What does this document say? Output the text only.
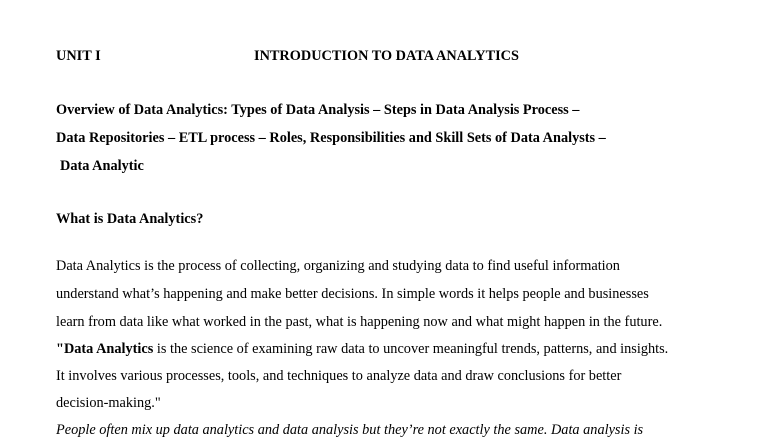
UNIT I	INTRODUCTION TO DATA ANALYTICS
Overview of Data Analytics: Types of Data Analysis – Steps in Data Analysis Process –
Data Repositories – ETL process – Roles, Responsibilities and Skill Sets of Data Analysts –
Data Analytic
What is Data Analytics?
Data Analytics is the process of collecting, organizing and studying data to find useful information
understand what’s happening and make better decisions. In simple words it helps people and businesses
learn from data like what worked in the past, what is happening now and what might happen in the future.
"Data Analytics is the science of examining raw data to uncover meaningful trends, patterns, and insights.
It involves various processes, tools, and techniques to analyze data and draw conclusions for better
decision-making."
People often mix up data analytics and data analysis but they’re not exactly the same. Data analysis is
